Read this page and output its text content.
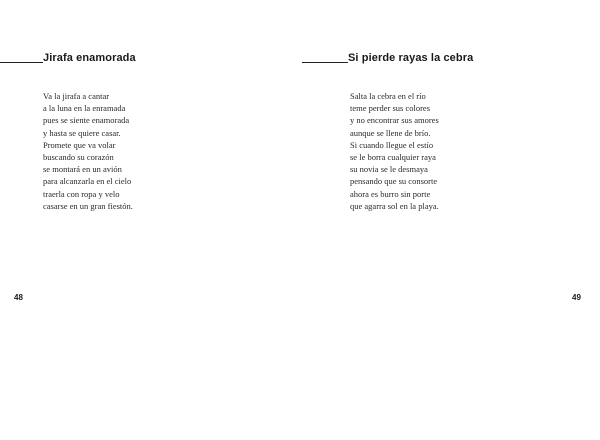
Jirafa enamorada
Va la jirafa a cantar
a la luna en la enramada
pues se siente enamorada
y hasta se quiere casar.
Promete que va volar
buscando su corazón
se montará en un avión
para alcanzarla en el cielo
traerla con ropa y velo
casarse en un gran fiestón.
48
Si pierde rayas la cebra
Salta la cebra en el río
teme perder sus colores
y no encontrar sus amores
aunque se llene de brío.
Si cuando llegue el estío
se le borra cualquier raya
su novia se le desmaya
pensando que su consorte
ahora es burro sin porte
que agarra sol en la playa.
49
